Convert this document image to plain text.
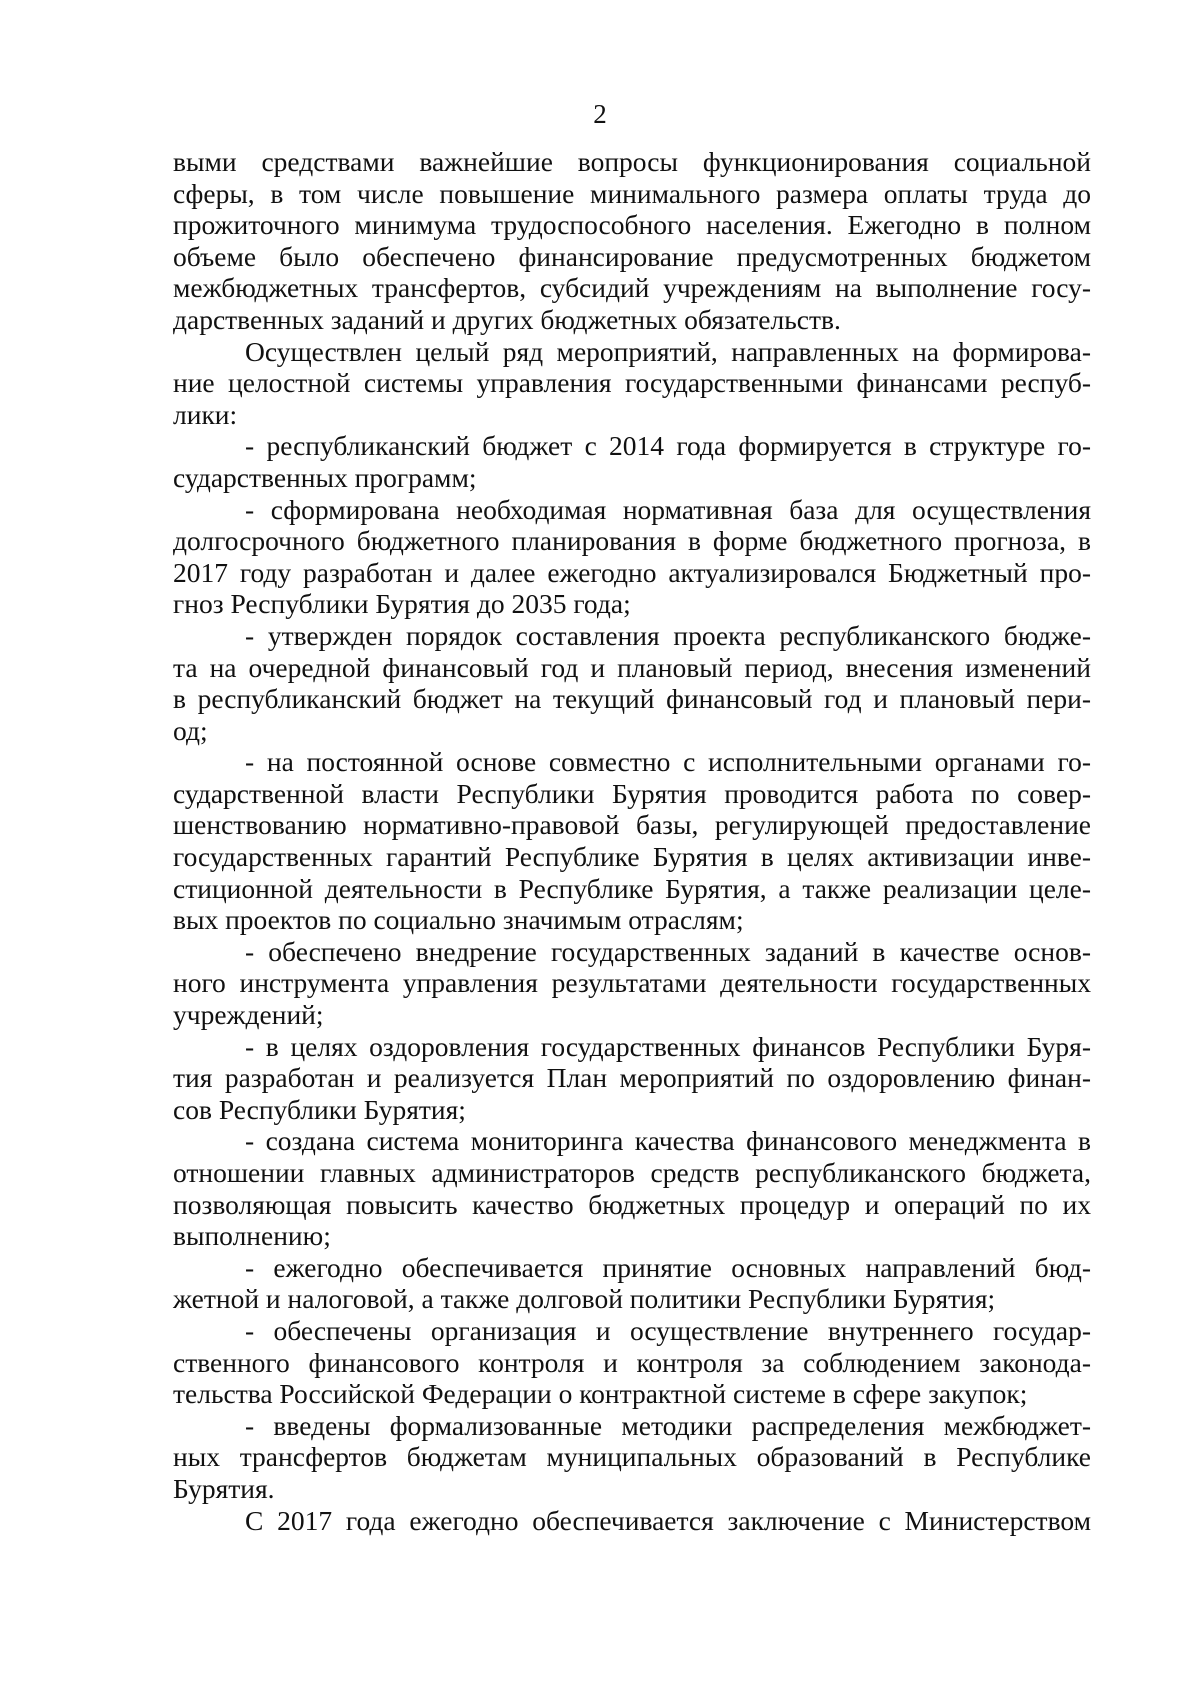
2
выми средствами важнейшие вопросы функционирования социальной
сферы, в том числе повышение минимального размера оплаты труда до
прожиточного минимума трудоспособного населения. Ежегодно в полном
объеме было обеспечено финансирование предусмотренных бюджетом
межбюджетных трансфертов, субсидий учреждениям на выполнение госу-
дарственных заданий и других бюджетных обязательств.
Осуществлен целый ряд мероприятий, направленных на формирова-
ние целостной системы управления государственными финансами респуб-
лики:
- республиканский бюджет с 2014 года формируется в структуре го-
сударственных программ;
- сформирована необходимая нормативная база для осуществления
долгосрочного бюджетного планирования в форме бюджетного прогноза, в
2017 году разработан и далее ежегодно актуализировался Бюджетный про-
гноз Республики Бурятия до 2035 года;
- утвержден порядок составления проекта республиканского бюдже-
та на очередной финансовый год и плановый период, внесения изменений
в республиканский бюджет на текущий финансовый год и плановый пери-
од;
- на постоянной основе совместно с исполнительными органами го-
сударственной власти Республики Бурятия проводится работа по совер-
шенствованию нормативно-правовой базы, регулирующей предоставление
государственных гарантий Республике Бурятия в целях активизации инве-
стиционной деятельности в Республике Бурятия, а также реализации целе-
вых проектов по социально значимым отраслям;
- обеспечено внедрение государственных заданий в качестве основ-
ного инструмента управления результатами деятельности государственных
учреждений;
- в целях оздоровления государственных финансов Республики Буря-
тия разработан и реализуется План мероприятий по оздоровлению финан-
сов Республики Бурятия;
- создана система мониторинга качества финансового менеджмента в
отношении главных администраторов средств республиканского бюджета,
позволяющая повысить качество бюджетных процедур и операций по их
выполнению;
- ежегодно обеспечивается принятие основных направлений бюд-
жетной и налоговой, а также долговой политики Республики Бурятия;
- обеспечены организация и осуществление внутреннего государ-
ственного финансового контроля и контроля за соблюдением законода-
тельства Российской Федерации о контрактной системе в сфере закупок;
- введены формализованные методики распределения межбюджет-
ных трансфертов бюджетам муниципальных образований в Республике
Бурятия.
С 2017 года ежегодно обеспечивается заключение с Министерством
